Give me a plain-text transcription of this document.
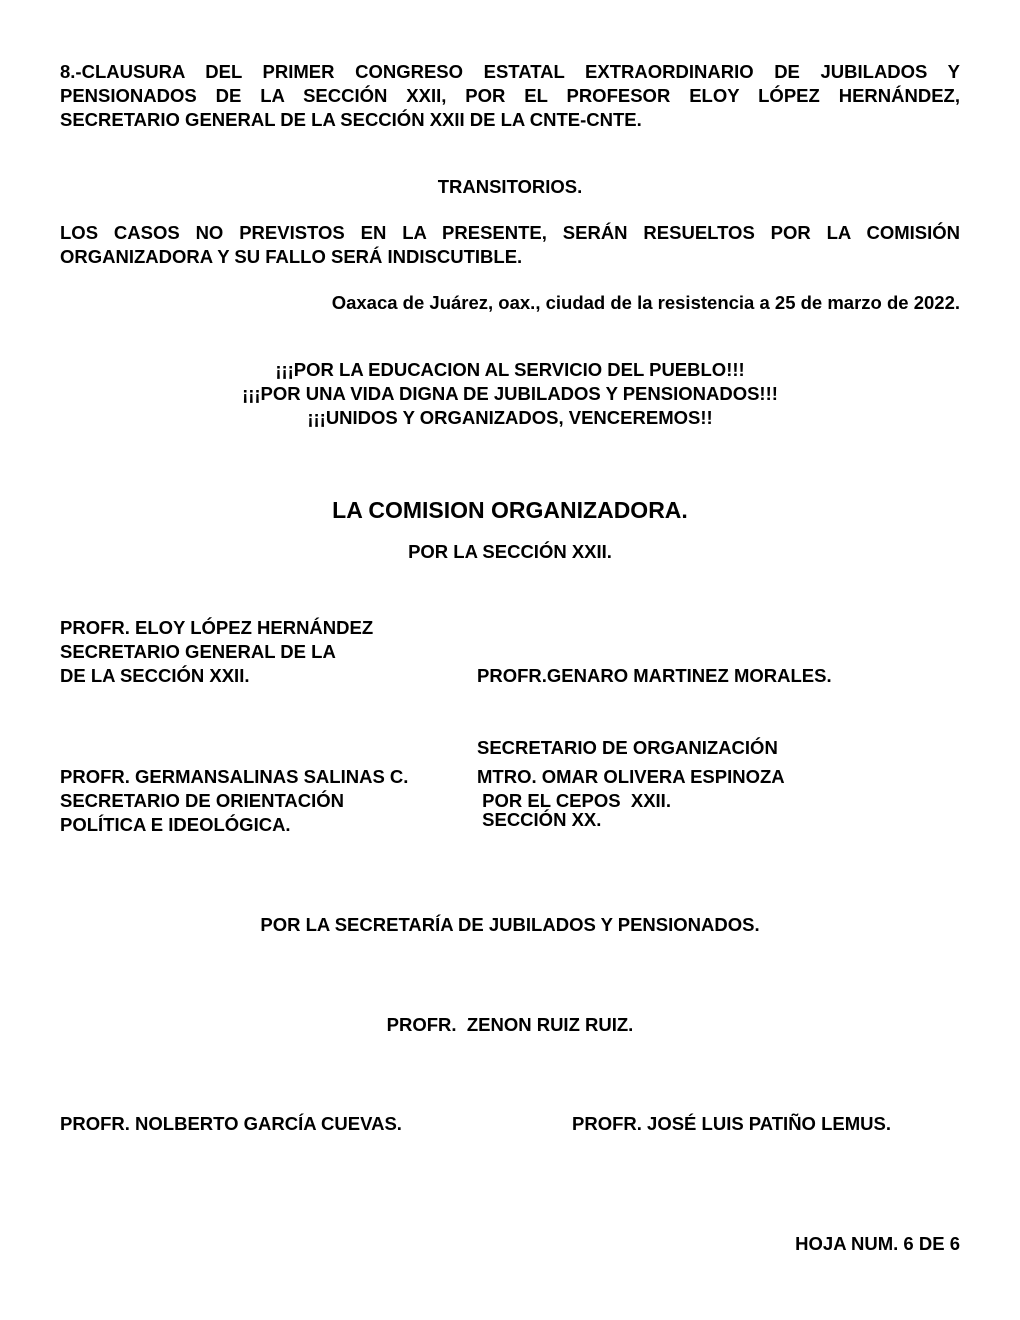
8.-CLAUSURA DEL PRIMER CONGRESO ESTATAL EXTRAORDINARIO DE JUBILADOS Y
PENSIONADOS DE LA SECCIÓN XXII, POR EL PROFESOR ELOY LÓPEZ HERNÁNDEZ,
SECRETARIO GENERAL DE LA SECCIÓN XXII DE LA CNTE-CNTE.
TRANSITORIOS.
LOS CASOS NO PREVISTOS EN LA PRESENTE, SERÁN RESUELTOS POR LA COMISIÓN
ORGANIZADORA Y SU FALLO SERÁ INDISCUTIBLE.
Oaxaca de Juárez, oax., ciudad de la resistencia a 25 de marzo de 2022.
¡¡¡POR LA EDUCACION AL SERVICIO DEL PUEBLO!!!
¡¡¡POR UNA VIDA DIGNA DE JUBILADOS Y PENSIONADOS!!!
¡¡¡UNIDOS Y ORGANIZADOS, VENCEREMOS!!
LA COMISION ORGANIZADORA.
POR LA SECCIÓN XXII.
PROFR. ELOY LÓPEZ HERNÁNDEZ
SECRETARIO GENERAL DE LA
DE LA SECCIÓN XXII.

	PROFR.GENARO MARTINEZ MORALES.

SECRETARIO DE ORGANIZACIÓN

SECCIÓN XX.

PROFR. GERMANSALINAS SALINAS C.
SECRETARIO DE ORIENTACIÓN
POLÍTICA E IDEOLÓGICA.
MTRO. OMAR OLIVERA ESPINOZA
POR EL CEPOS  XXII.
POR LA SECRETARÍA DE JUBILADOS Y PENSIONADOS.
PROFR.  ZENON RUIZ RUIZ.
PROFR. NOLBERTO GARCÍA CUEVAS.	PROFR. JOSÉ LUIS PATIÑO LEMUS.
HOJA NUM. 6 DE 6
